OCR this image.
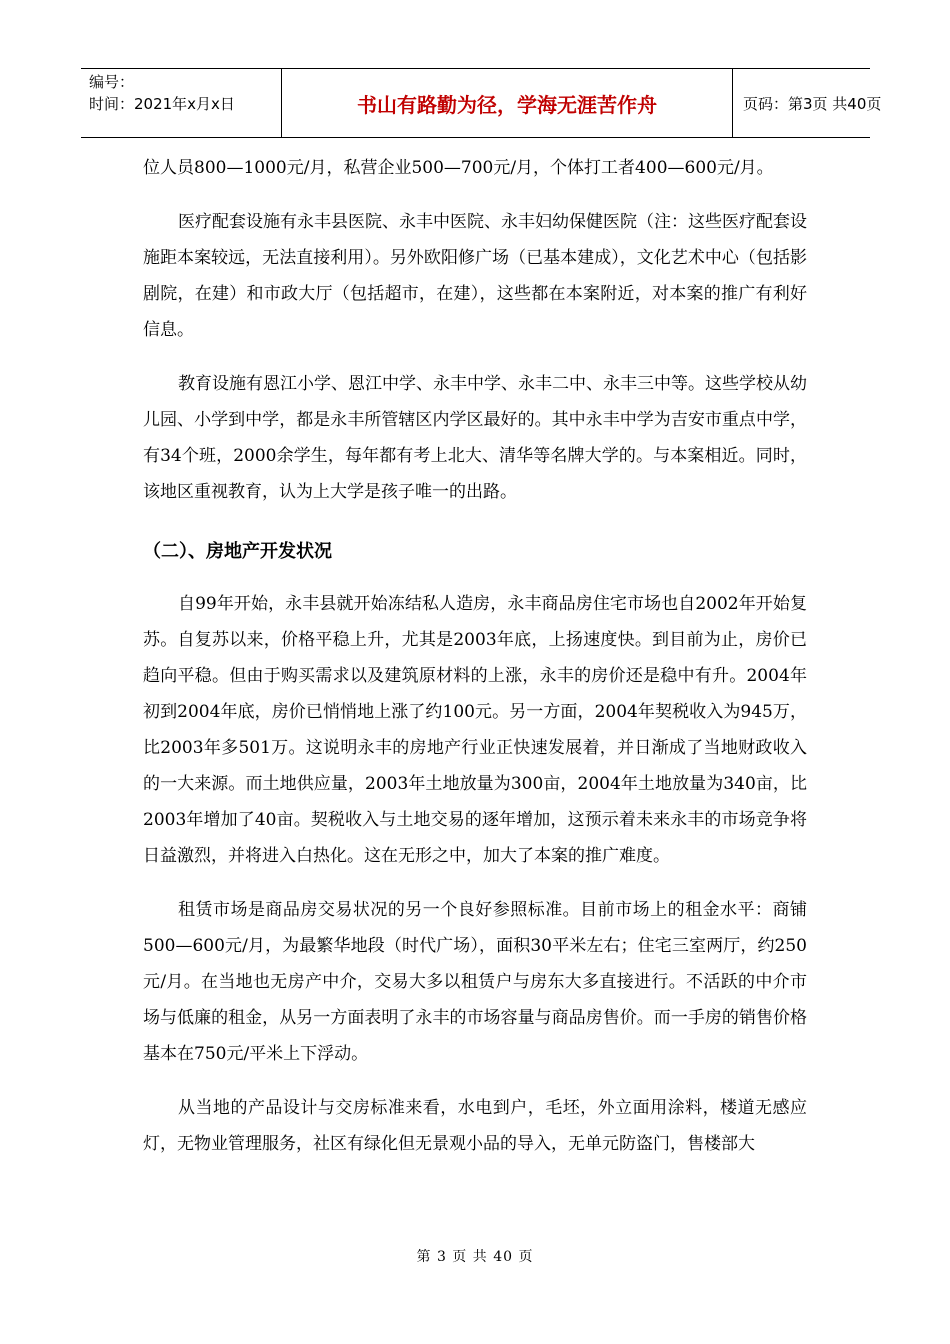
编号：
时间：2021年x月x日	书山有路勤为径，学海无涯苦作舟	页码：第3页 共40页

位人员800—1000元/月，私营企业500—700元/月，个体打工者400—600元/月。

医疗配套设施有永丰县医院、永丰中医院、永丰妇幼保健医院（注：这些医疗配套设施距本案较远，无法直接利用）。另外欧阳修广场（已基本建成），文化艺术中心（包括影剧院，在建）和市政大厅（包括超市，在建），这些都在本案附近，对本案的推广有利好信息。

教育设施有恩江小学、恩江中学、永丰中学、永丰二中、永丰三中等。这些学校从幼儿园、小学到中学，都是永丰所管辖区内学区最好的。其中永丰中学为吉安市重点中学，有34个班，2000余学生，每年都有考上北大、清华等名牌大学的。与本案相近。同时，该地区重视教育，认为上大学是孩子唯一的出路。

（二）、房地产开发状况

自99年开始，永丰县就开始冻结私人造房，永丰商品房住宅市场也自2002年开始复苏。自复苏以来，价格平稳上升，尤其是2003年底，上扬速度快。到目前为止，房价已趋向平稳。但由于购买需求以及建筑原材料的上涨，永丰的房价还是稳中有升。2004年初到2004年底，房价已悄悄地上涨了约100元。另一方面，2004年契税收入为945万，比2003年多501万。这说明永丰的房地产行业正快速发展着，并日渐成了当地财政收入的一大来源。而土地供应量，2003年土地放量为300亩，2004年土地放量为340亩，比2003年增加了40亩。契税收入与土地交易的逐年增加，这预示着未来永丰的市场竞争将日益激烈，并将进入白热化。这在无形之中，加大了本案的推广难度。

租赁市场是商品房交易状况的另一个良好参照标准。目前市场上的租金水平：商铺500—600元/月，为最繁华地段（时代广场），面积30平米左右；住宅三室两厅，约250元/月。在当地也无房产中介，交易大多以租赁户与房东大多直接进行。不活跃的中介市场与低廉的租金，从另一方面表明了永丰的市场容量与商品房售价。而一手房的销售价格基本在750元/平米上下浮动。

从当地的产品设计与交房标准来看，水电到户，毛坯，外立面用涂料，楼道无感应灯，无物业管理服务，社区有绿化但无景观小品的导入，无单元防盗门，售楼部大

第 3 页 共 40 页
